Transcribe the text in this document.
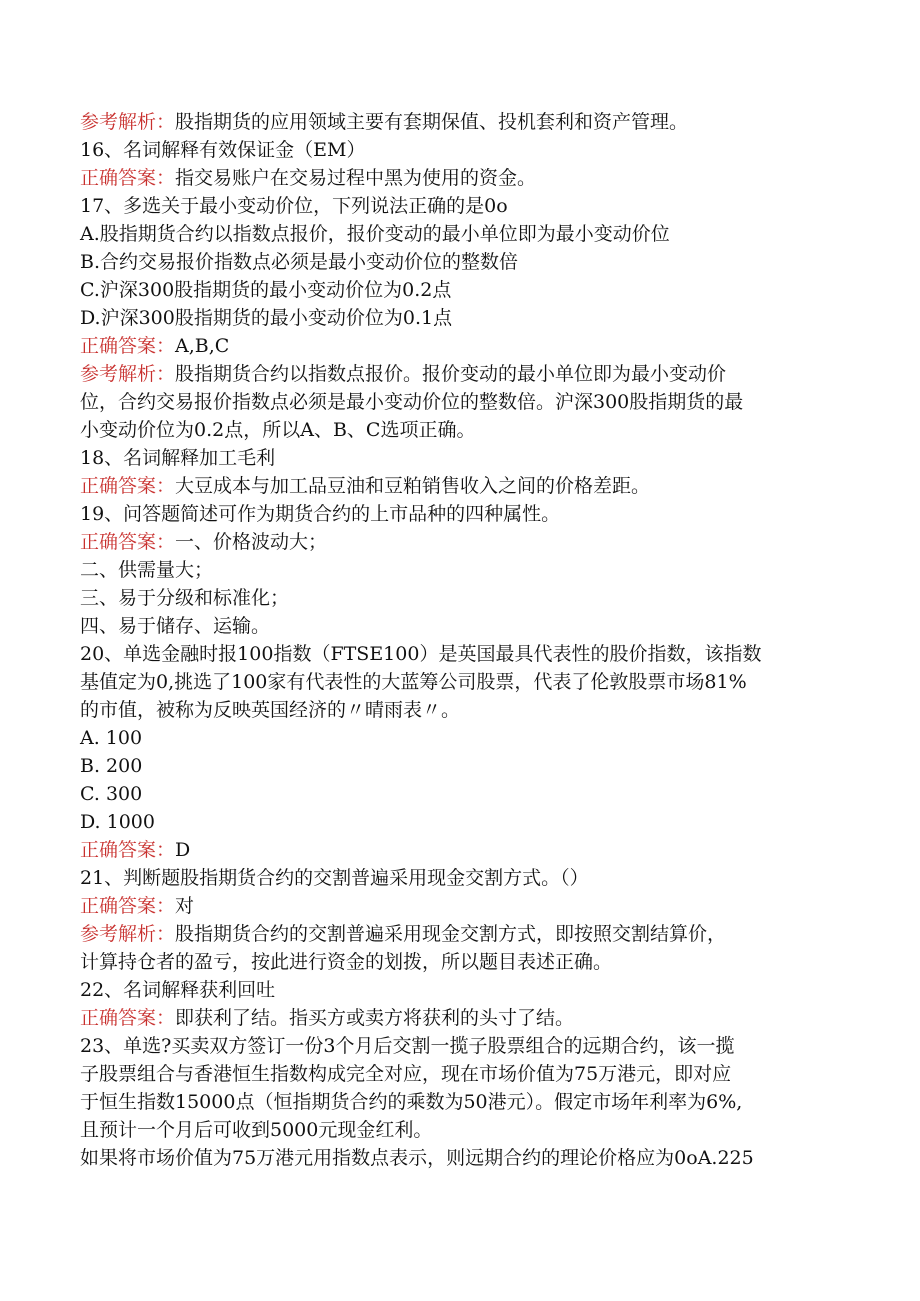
参考解析：股指期货的应用领域主要有套期保值、投机套利和资产管理。
16、名词解释有效保证金（EM）
正确答案：指交易账户在交易过程中黑为使用的资金。
17、多选关于最小变动价位，下列说法正确的是0o
A.股指期货合约以指数点报价，报价变动的最小单位即为最小变动价位
B.合约交易报价指数点必须是最小变动价位的整数倍
C.沪深300股指期货的最小变动价位为0.2点
D.沪深300股指期货的最小变动价位为0.1点
正确答案：A,B,C
参考解析：股指期货合约以指数点报价。报价变动的最小单位即为最小变动价
位，合约交易报价指数点必须是最小变动价位的整数倍。沪深300股指期货的最
小变动价位为0.2点，所以A、B、C选项正确。
18、名词解释加工毛利
正确答案：大豆成本与加工品豆油和豆粕销售收入之间的价格差距。
19、问答题简述可作为期货合约的上市品种的四种属性。
正确答案：一、价格波动大；
二、供需量大；
三、易于分级和标准化；
四、易于储存、运输。
20、单选金融时报100指数（FTSE100）是英国最具代表性的股价指数，该指数
基值定为0,挑选了100家有代表性的大蓝筹公司股票，代表了伦敦股票市场81%
的市值，被称为反映英国经济的〃晴雨表〃。
A. 100
B. 200
C. 300
D. 1000
正确答案：D
21、判断题股指期货合约的交割普遍采用现金交割方式。（）
正确答案：对
参考解析：股指期货合约的交割普遍采用现金交割方式，即按照交割结算价，
计算持仓者的盈亏，按此进行资金的划拨，所以题目表述正确。
22、名词解释获利回吐
正确答案：即获利了结。指买方或卖方将获利的头寸了结。
23、单选?买卖双方签订一份3个月后交割一揽子股票组合的远期合约，该一揽
子股票组合与香港恒生指数构成完全对应，现在市场价值为75万港元，即对应
于恒生指数15000点（恒指期货合约的乘数为50港元）。假定市场年利率为6%,
且预计一个月后可收到5000元现金红利。
如果将市场价值为75万港元用指数点表示，则远期合约的理论价格应为0oA.225
